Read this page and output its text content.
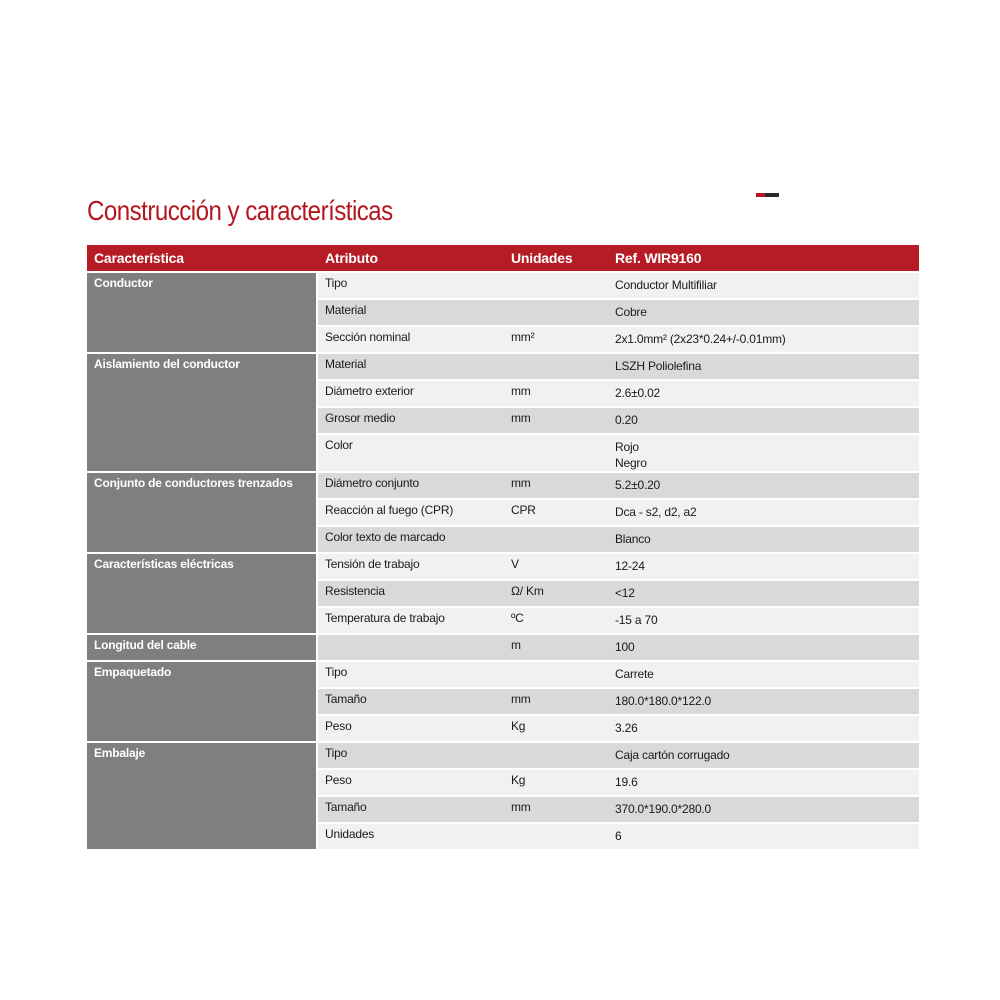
Construcción y características
Característica	Atributo	Unidades	Ref. WIR9160
Conductor	Tipo		Conductor Multifiliar
	Material		Cobre
	Sección nominal	mm²	2x1.0mm² (2x23*0.24+/-0.01mm)
Aislamiento del conductor	Material		LSZH Poliolefina
	Diámetro exterior	mm	2.6±0.02
	Grosor medio	mm	0.20
	Color		Rojo
Negro
Conjunto de conductores trenzados	Diámetro conjunto	mm	5.2±0.20
	Reacción al fuego (CPR)	CPR	Dca - s2, d2, a2
	Color texto de marcado		Blanco
Características eléctricas	Tensión de trabajo	V	12-24
	Resistencia	Ω/ Km	<12
	Temperatura de trabajo	ºC	-15 a 70
Longitud del cable		m	100
Empaquetado	Tipo		Carrete
	Tamaño	mm	180.0*180.0*122.0
	Peso	Kg	3.26
Embalaje	Tipo		Caja cartón corrugado
	Peso	Kg	19.6
	Tamaño	mm	370.0*190.0*280.0
	Unidades		6
